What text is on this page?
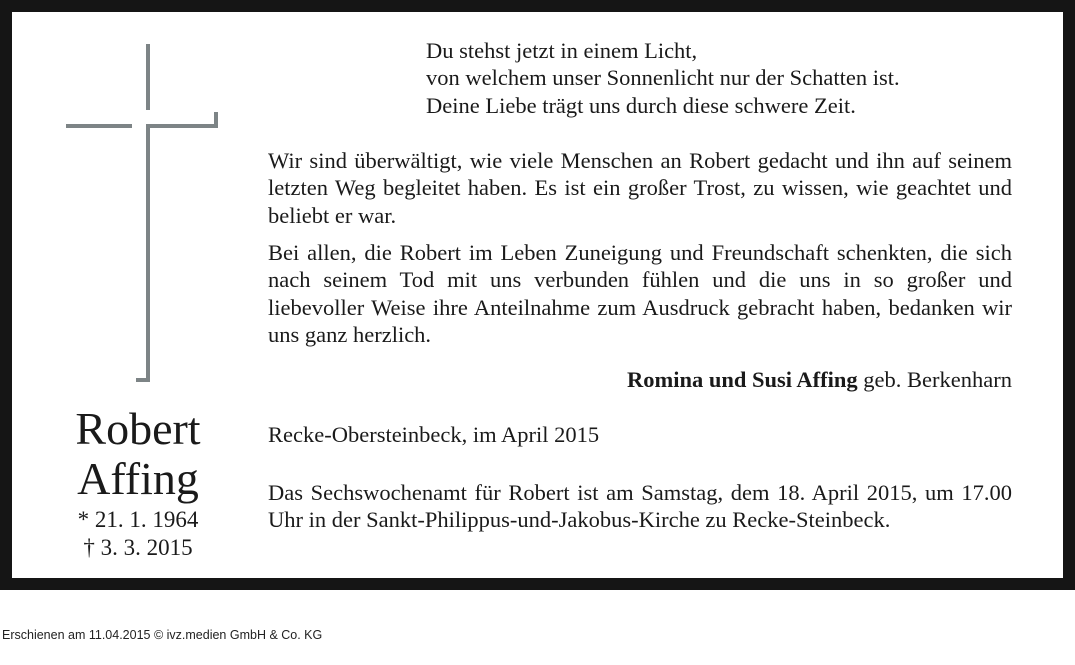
Robert
Affing
* 21. 1. 1964
† 3. 3. 2015
Du stehst jetzt in einem Licht,
von welchem unser Sonnenlicht nur der Schatten ist.
Deine Liebe trägt uns durch diese schwere Zeit.
Wir sind überwältigt, wie viele Menschen an Robert gedacht und ihn auf seinem letzten Weg begleitet haben. Es ist ein großer Trost, zu wissen, wie geachtet und beliebt er war.
Bei allen, die Robert im Leben Zuneigung und Freundschaft schenkten, die sich nach seinem Tod mit uns verbunden fühlen und die uns in so großer und liebevoller Weise ihre Anteilnahme zum Ausdruck gebracht haben, bedanken wir uns ganz herzlich.
Romina und Susi Affing geb. Berkenharn
Recke-Obersteinbeck, im April 2015
Das Sechswochenamt für Robert ist am Samstag, dem 18. April 2015, um 17.00 Uhr in der Sankt-Philippus-und-Jakobus-Kirche zu Recke-Steinbeck.
Erschienen am 11.04.2015 © ivz.medien GmbH & Co. KG
